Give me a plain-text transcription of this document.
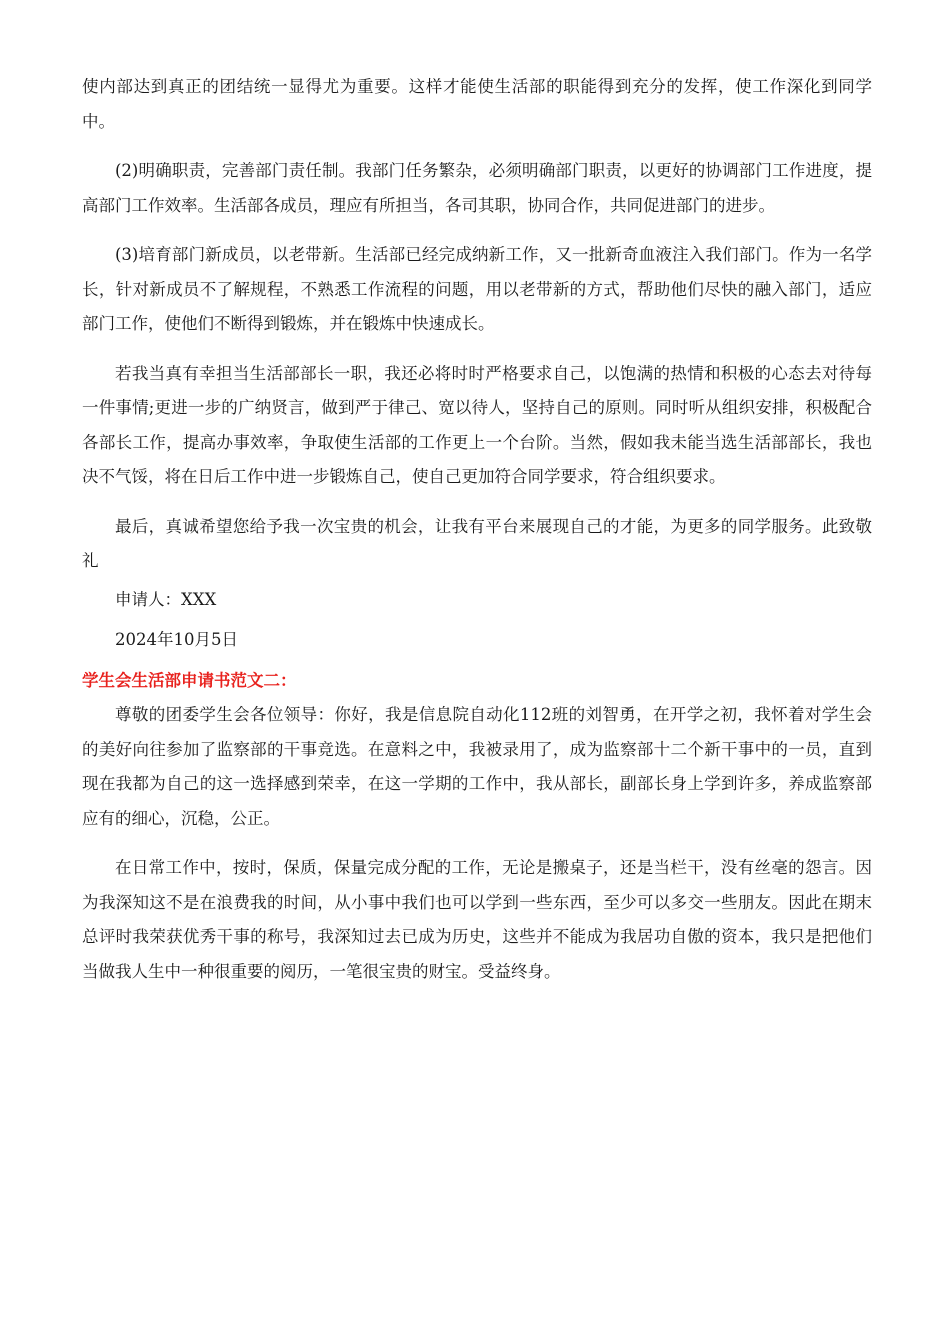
使内部达到真正的团结统一显得尤为重要。这样才能使生活部的职能得到充分的发挥，使工作深化到同学中。

(2)明确职责，完善部门责任制。我部门任务繁杂，必须明确部门职责，以更好的协调部门工作进度，提高部门工作效率。生活部各成员，理应有所担当，各司其职，协同合作，共同促进部门的进步。

(3)培育部门新成员，以老带新。生活部已经完成纳新工作，又一批新奇血液注入我们部门。作为一名学长，针对新成员不了解规程，不熟悉工作流程的问题，用以老带新的方式，帮助他们尽快的融入部门，适应部门工作，使他们不断得到锻炼，并在锻炼中快速成长。

若我当真有幸担当生活部部长一职，我还必将时时严格要求自己，以饱满的热情和积极的心态去对待每一件事情;更进一步的广纳贤言，做到严于律己、宽以待人，坚持自己的原则。同时听从组织安排，积极配合各部长工作，提高办事效率，争取使生活部的工作更上一个台阶。当然，假如我未能当选生活部部长，我也决不气馁，将在日后工作中进一步锻炼自己，使自己更加符合同学要求，符合组织要求。

最后，真诚希望您给予我一次宝贵的机会，让我有平台来展现自己的才能，为更多的同学服务。此致敬礼

申请人：XXX

2024年10月5日

学生会生活部申请书范文二：

尊敬的团委学生会各位领导：你好，我是信息院自动化112班的刘智勇，在开学之初，我怀着对学生会的美好向往参加了监察部的干事竞选。在意料之中，我被录用了，成为监察部十二个新干事中的一员，直到现在我都为自己的这一选择感到荣幸，在这一学期的工作中，我从部长，副部长身上学到许多，养成监察部应有的细心，沉稳，公正。

在日常工作中，按时，保质，保量完成分配的工作，无论是搬桌子，还是当栏干，没有丝毫的怨言。因为我深知这不是在浪费我的时间，从小事中我们也可以学到一些东西，至少可以多交一些朋友。因此在期末总评时我荣获优秀干事的称号，我深知过去已成为历史，这些并不能成为我居功自傲的资本，我只是把他们当做我人生中一种很重要的阅历，一笔很宝贵的财宝。受益终身。
